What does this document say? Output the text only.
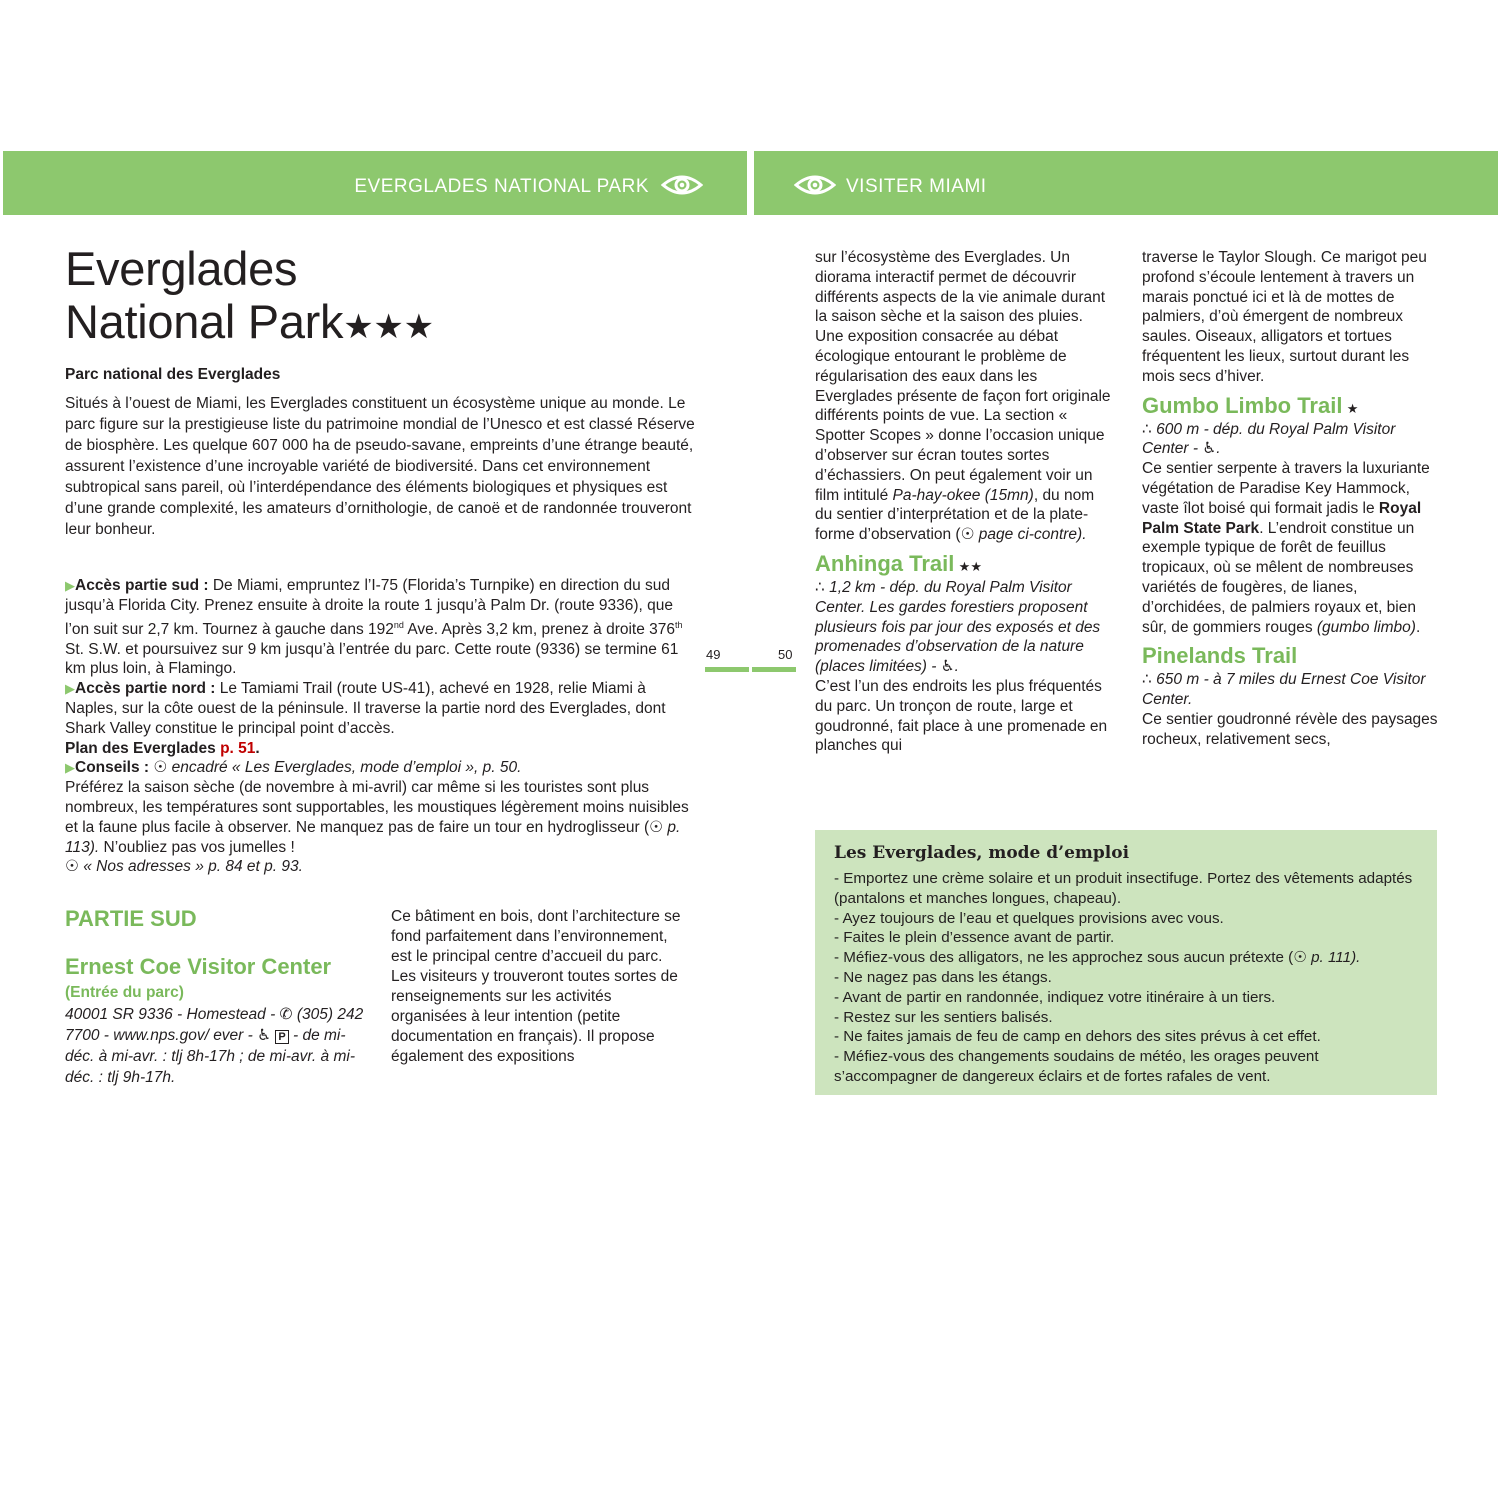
EVERGLADES NATIONAL PARK	VISITER MIAMI
Everglades
National Park★★★
Parc national des Everglades
Situés à l’ouest de Miami, les Everglades constituent un écosystème unique au monde. Le parc figure sur la prestigieuse liste du patrimoine mondial de l’Unesco et est classé Réserve de biosphère. Les quelque 607 000 ha de pseudo-savane, empreints d’une étrange beauté, assurent l’existence d’une incroyable variété de biodiversité. Dans cet environnement subtropical sans pareil, où l’interdépendance des éléments biologiques et physiques est d’une grande complexité, les amateurs d’ornithologie, de canoë et de randonnée trouveront leur bonheur.

▶Accès partie sud : De Miami, empruntez l’I-75 (Florida’s Turnpike) en direction du sud jusqu’à Florida City. Prenez ensuite à droite la route 1 jusqu’à Palm Dr. (route 9336), que l’on suit sur 2,7 km. Tournez à gauche dans 192nd Ave. Après 3,2 km, prenez à droite 376th St. S.W. et poursuivez sur 9 km jusqu’à l’entrée du parc. Cette route (9336) se termine 61 km plus loin, à Flamingo.

▶Accès partie nord : Le Tamiami Trail (route US-41), achevé en 1928, relie Miami à Naples, sur la côte ouest de la péninsule. Il traverse la partie nord des Everglades, dont Shark Valley constitue le principal point d’accès.

Plan des Everglades p. 51.

▶Conseils : ☉ encadré « Les Everglades, mode d’emploi », p. 50.
Préférez la saison sèche (de novembre à mi-avril) car même si les touristes sont plus nombreux, les températures sont supportables, les moustiques légèrement moins nuisibles et la faune plus facile à observer. Ne manquez pas de faire un tour en hydroglisseur (☉ p. 113). N’oubliez pas vos jumelles !
☉ « Nos adresses » p. 84 et p. 93.

PARTIE SUD
Ernest Coe Visitor Center
(Entrée du parc)
40001 SR 9336 - Homestead - ✆ (305) 242 7700 - www.nps.gov/ ever - ♿ P - de mi-déc. à mi-avr. : tlj 8h-17h ; de mi-avr. à mi-déc. : tlj 9h-17h.
Ce bâtiment en bois, dont l’architecture se fond parfaitement dans l’environnement, est le principal centre d’accueil du parc. Les visiteurs y trouveront toutes sortes de renseignements sur les activités organisées à leur intention (petite documentation en français). Il propose également des expositions
49	50
sur l’écosystème des Everglades. Un diorama interactif permet de découvrir différents aspects de la vie animale durant la saison sèche et la saison des pluies. Une exposition consacrée au débat écologique entourant le problème de régularisation des eaux dans les Everglades présente de façon fort originale différents points de vue. La section « Spotter Scopes » donne l’occasion unique d’observer sur écran toutes sortes d’échassiers. On peut également voir un film intitulé Pa-hay-okee (15mn), du nom du sentier d’interprétation et de la plate-forme d’observation (☉ page ci-contre).
Anhinga Trail ★★
∴ 1,2 km - dép. du Royal Palm Visitor Center. Les gardes forestiers proposent plusieurs fois par jour des exposés et des promenades d’observation de la nature (places limitées) - ♿.
C’est l’un des endroits les plus fréquentés du parc. Un tronçon de route, large et goudronné, fait place à une promenade en planches qui
traverse le Taylor Slough. Ce marigot peu profond s’écoule lentement à travers un marais ponctué ici et là de mottes de palmiers, d’où émergent de nombreux saules. Oiseaux, alligators et tortues fréquentent les lieux, surtout durant les mois secs d’hiver.
Gumbo Limbo Trail ★
∴ 600 m - dép. du Royal Palm Visitor Center - ♿.
Ce sentier serpente à travers la luxuriante végétation de Paradise Key Hammock, vaste îlot boisé qui formait jadis le Royal Palm State Park. L’endroit constitue un exemple typique de forêt de feuillus tropicaux, où se mêlent de nombreuses variétés de fougères, de lianes, d’orchidées, de palmiers royaux et, bien sûr, de gommiers rouges (gumbo limbo).
Pinelands Trail
∴ 650 m - à 7 miles du Ernest Coe Visitor Center.
Ce sentier goudronné révèle des paysages rocheux, relativement secs,
Les Everglades, mode d’emploi
- Emportez une crème solaire et un produit insectifuge. Portez des vêtements adaptés (pantalons et manches longues, chapeau).
- Ayez toujours de l’eau et quelques provisions avec vous.
- Faites le plein d’essence avant de partir.
- Méfiez-vous des alligators, ne les approchez sous aucun prétexte (☉ p. 111).
- Ne nagez pas dans les étangs.
- Avant de partir en randonnée, indiquez votre itinéraire à un tiers.
- Restez sur les sentiers balisés.
- Ne faites jamais de feu de camp en dehors des sites prévus à cet effet.
- Méfiez-vous des changements soudains de météo, les orages peuvent s’accompagner de dangereux éclairs et de fortes rafales de vent.
